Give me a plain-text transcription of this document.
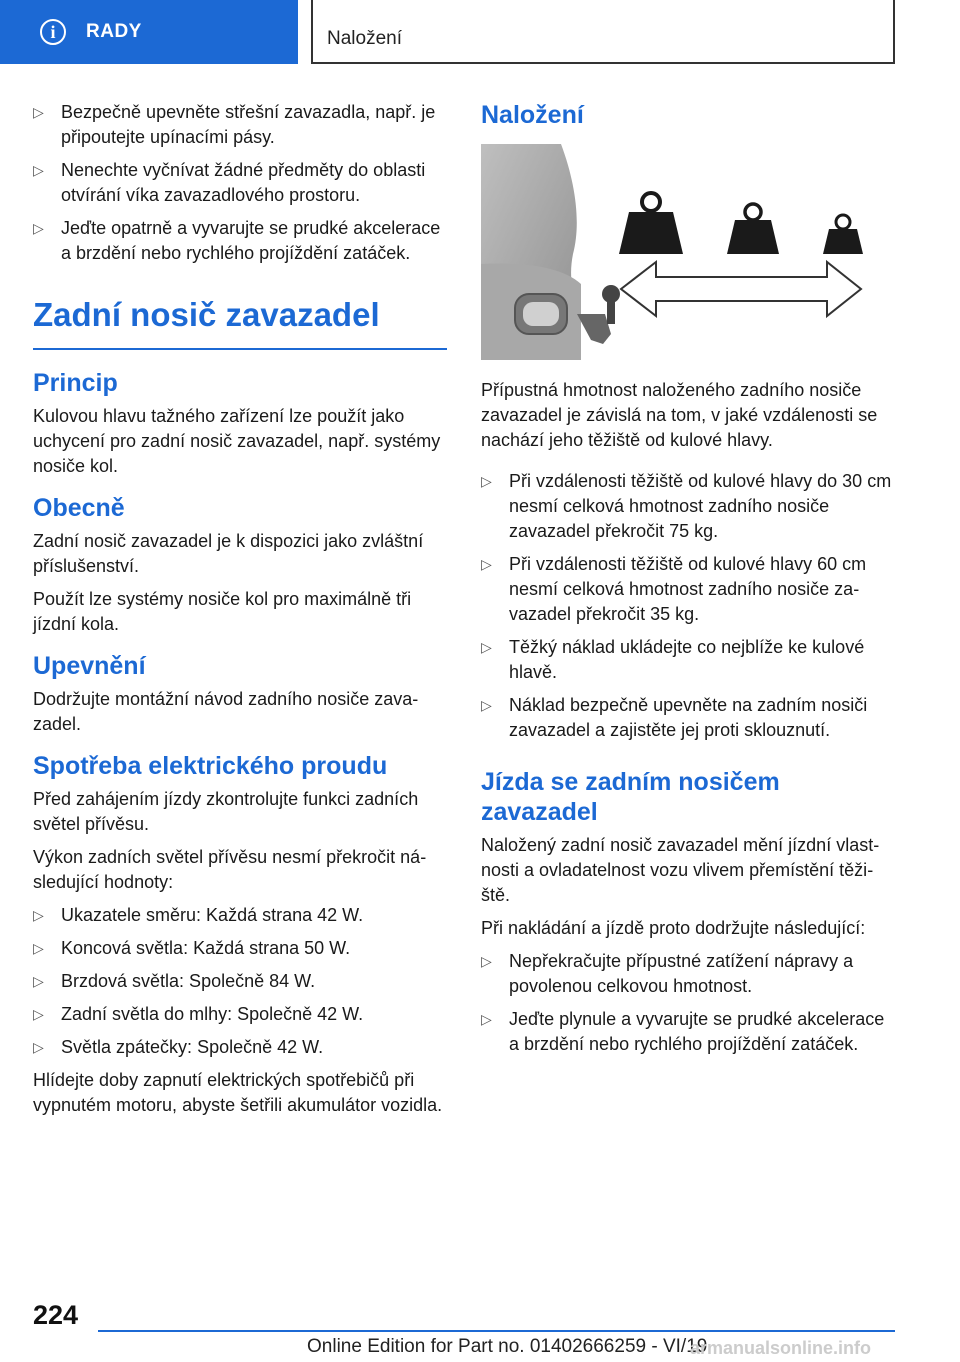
i	RADY	Naložení
▷ Bezpečně upevněte střešní zavazadla, např. je připoutejte upínacími pásy.
▷ Nenechte vyčnívat žádné předměty do oblasti otvírání víka zavazadlového prostoru.
▷ Jeďte opatrně a vyvarujte se prudké akcelerace a brzdění nebo rychlého projíždění zatáček.
Zadní nosič zavazadel
Princip

Kulovou hlavu tažného zařízení lze použít jako uchycení pro zadní nosič zavazadel, např. systémy nosiče kol.

Obecně

Zadní nosič zavazadel je k dispozici jako zvláštní příslušenství.

Použít lze systémy nosiče kol pro maximálně tři jízdní kola.

Upevnění

Dodržujte montážní návod zadního nosiče zavazadel.

Spotřeba elektrického proudu

Před zahájením jízdy zkontrolujte funkci zadních světel přívěsu.

Výkon zadních světel přívěsu nesmí překročit následující hodnoty:

▷ Ukazatele směru: Každá strana 42 W.
▷ Koncová světla: Každá strana 50 W.
▷ Brzdová světla: Společně 84 W.
▷ Zadní světla do mlhy: Společně 42 W.
▷ Světla zpátečky: Společně 42 W.

Hlídejte doby zapnutí elektrických spotřebičů při vypnutém motoru, abyste šetřili akumulátor vozidla.

Naložení

Přípustná hmotnost naloženého zadního nosiče zavazadel je závislá na tom, v jaké vzdálenosti se nachází jeho těžiště od kulové hlavy.

▷ Při vzdálenosti těžiště od kulové hlavy do 30 cm nesmí celková hmotnost zadního nosiče zavazadel překročit 75 kg.
▷ Při vzdálenosti těžiště od kulové hlavy 60 cm nesmí celková hmotnost zadního nosiče zavazadel překročit 35 kg.
▷ Těžký náklad ukládejte co nejblíže ke kulové hlavě.
▷ Náklad bezpečně upevněte na zadním nosiči zavazadel a zajistěte jej proti sklouznutí.
Jízda se zadním nosičem zavazadel

Naložený zadní nosič zavazadel mění jízdní vlastnosti a ovladatelnost vozu vlivem přemístění těžiště.

Při nakládání a jízdě proto dodržujte následující:

▷ Nepřekračujte přípustné zatížení nápravy a povolenou celkovou hmotnost.
▷ Jeďte plynule a vyvarujte se prudké akcelerace a brzdění nebo rychlého projíždění zatáček.
224
Online Edition for Part no. 01402666259 - VI/19
armanualsonline.info
